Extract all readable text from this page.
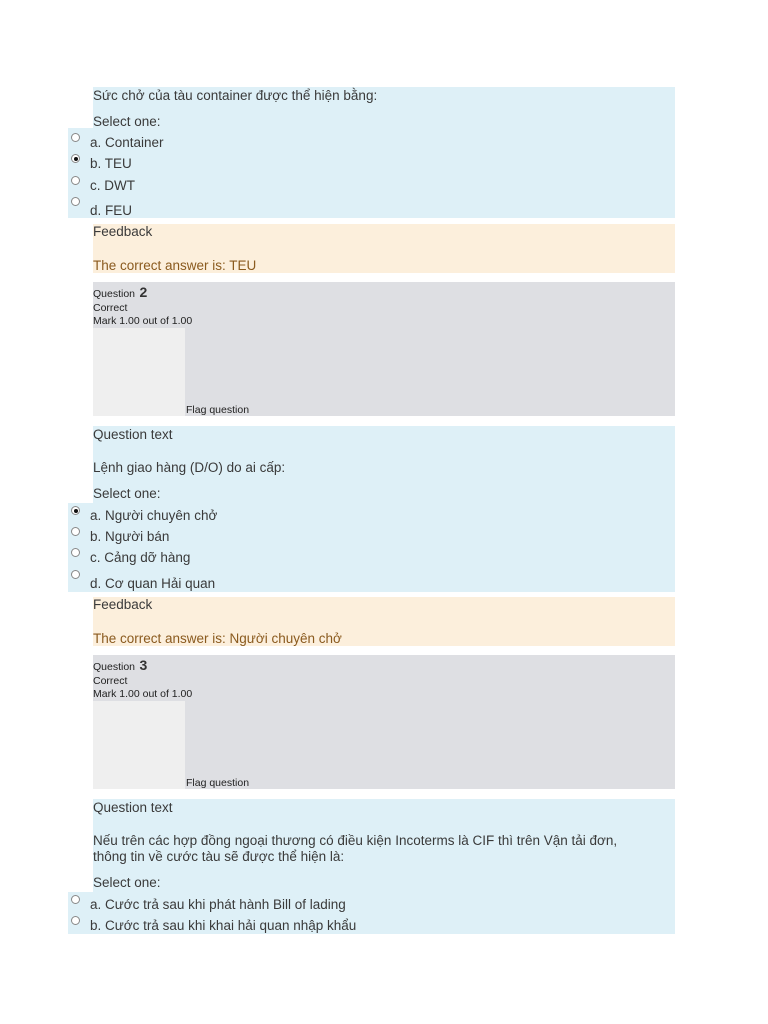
Sức chở của tàu container được thể hiện bằng:
Select one:
a. Container
b. TEU
c. DWT
d. FEU
Feedback
The correct answer is: TEU
Question 2
Correct
Mark 1.00 out of 1.00
Flag question
Question text
Lệnh giao hàng (D/O) do ai cấp:
Select one:
a. Người chuyên chở
b. Người bán
c. Cảng dỡ hàng
d. Cơ quan Hải quan
Feedback
The correct answer is: Người chuyên chở
Question 3
Correct
Mark 1.00 out of 1.00
Flag question
Question text
Nếu trên các hợp đồng ngoại thương có điều kiện Incoterms là CIF thì trên Vận tải đơn,
thông tin về cước tàu sẽ được thể hiện là:
Select one:
a. Cước trả sau khi phát hành Bill of lading
b. Cước trả sau khi khai hải quan nhập khẩu
